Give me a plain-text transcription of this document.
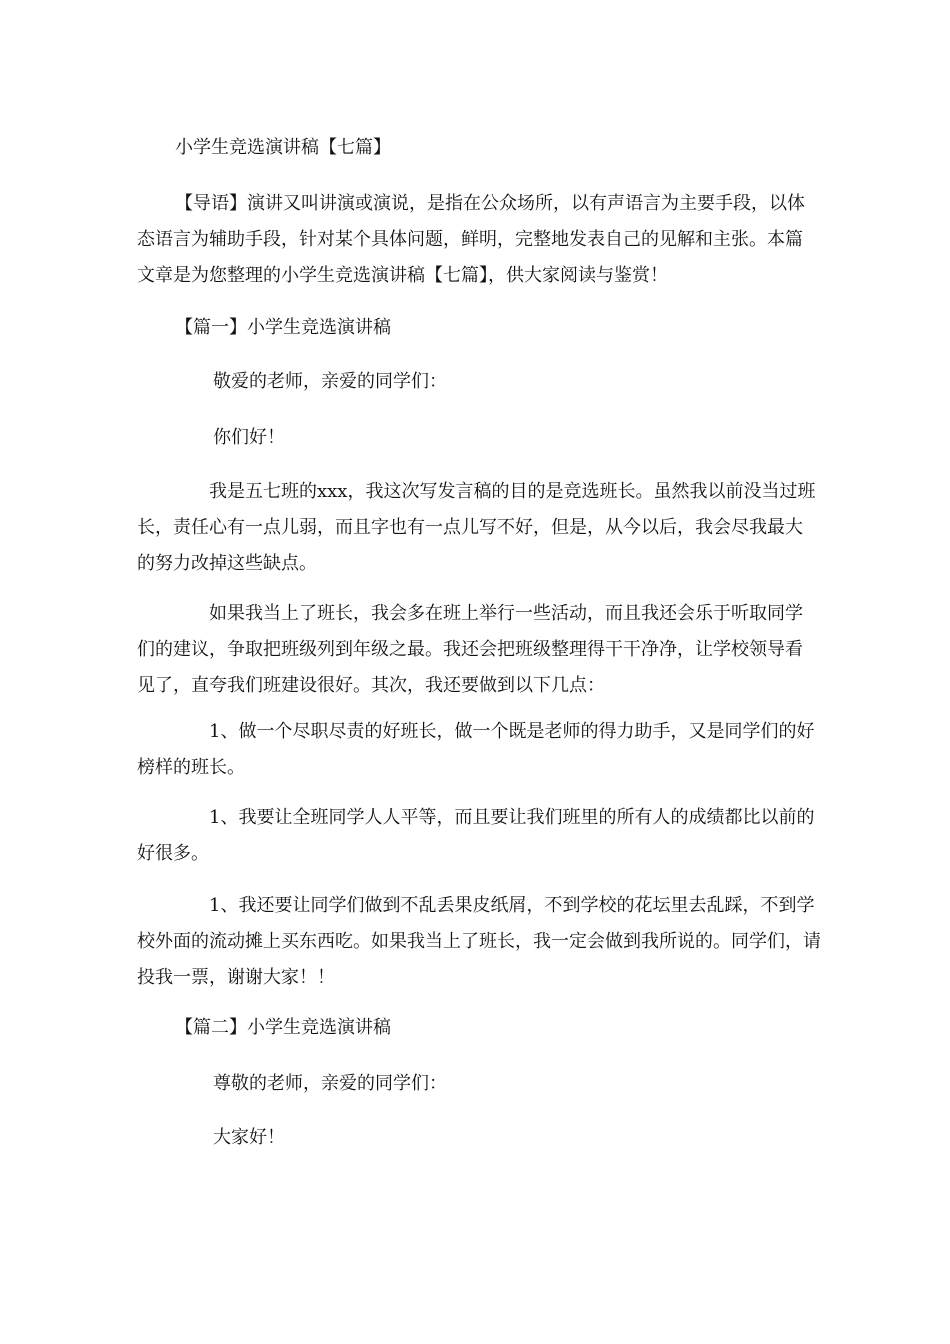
小学生竞选演讲稿【七篇】

【导语】演讲又叫讲演或演说，是指在公众场所，以有声语言为主要手段，以体态语言为辅助手段，针对某个具体问题，鲜明，完整地发表自己的见解和主张。本篇文章是为您整理的小学生竞选演讲稿【七篇】，供大家阅读与鉴赏！

【篇一】小学生竞选演讲稿

敬爱的老师，亲爱的同学们：

你们好！

　　　　我是五七班的xxx，我这次写发言稿的目的是竞选班长。虽然我以前没当过班长，责任心有一点儿弱，而且字也有一点儿写不好，但是，从今以后，我会尽我最大的努力改掉这些缺点。

　　　　如果我当上了班长，我会多在班上举行一些活动，而且我还会乐于听取同学们的建议，争取把班级列到年级之最。我还会把班级整理得干干净净，让学校领导看见了，直夸我们班建设很好。其次，我还要做到以下几点：

　　　　1、做一个尽职尽责的好班长，做一个既是老师的得力助手，又是同学们的好榜样的班长。

　　　　1、我要让全班同学人人平等，而且要让我们班里的所有人的成绩都比以前的好很多。

　　　　1、我还要让同学们做到不乱丢果皮纸屑，不到学校的花坛里去乱踩，不到学校外面的流动摊上买东西吃。如果我当上了班长，我一定会做到我所说的。同学们，请投我一票，谢谢大家！！

【篇二】小学生竞选演讲稿

尊敬的老师，亲爱的同学们：

大家好！
